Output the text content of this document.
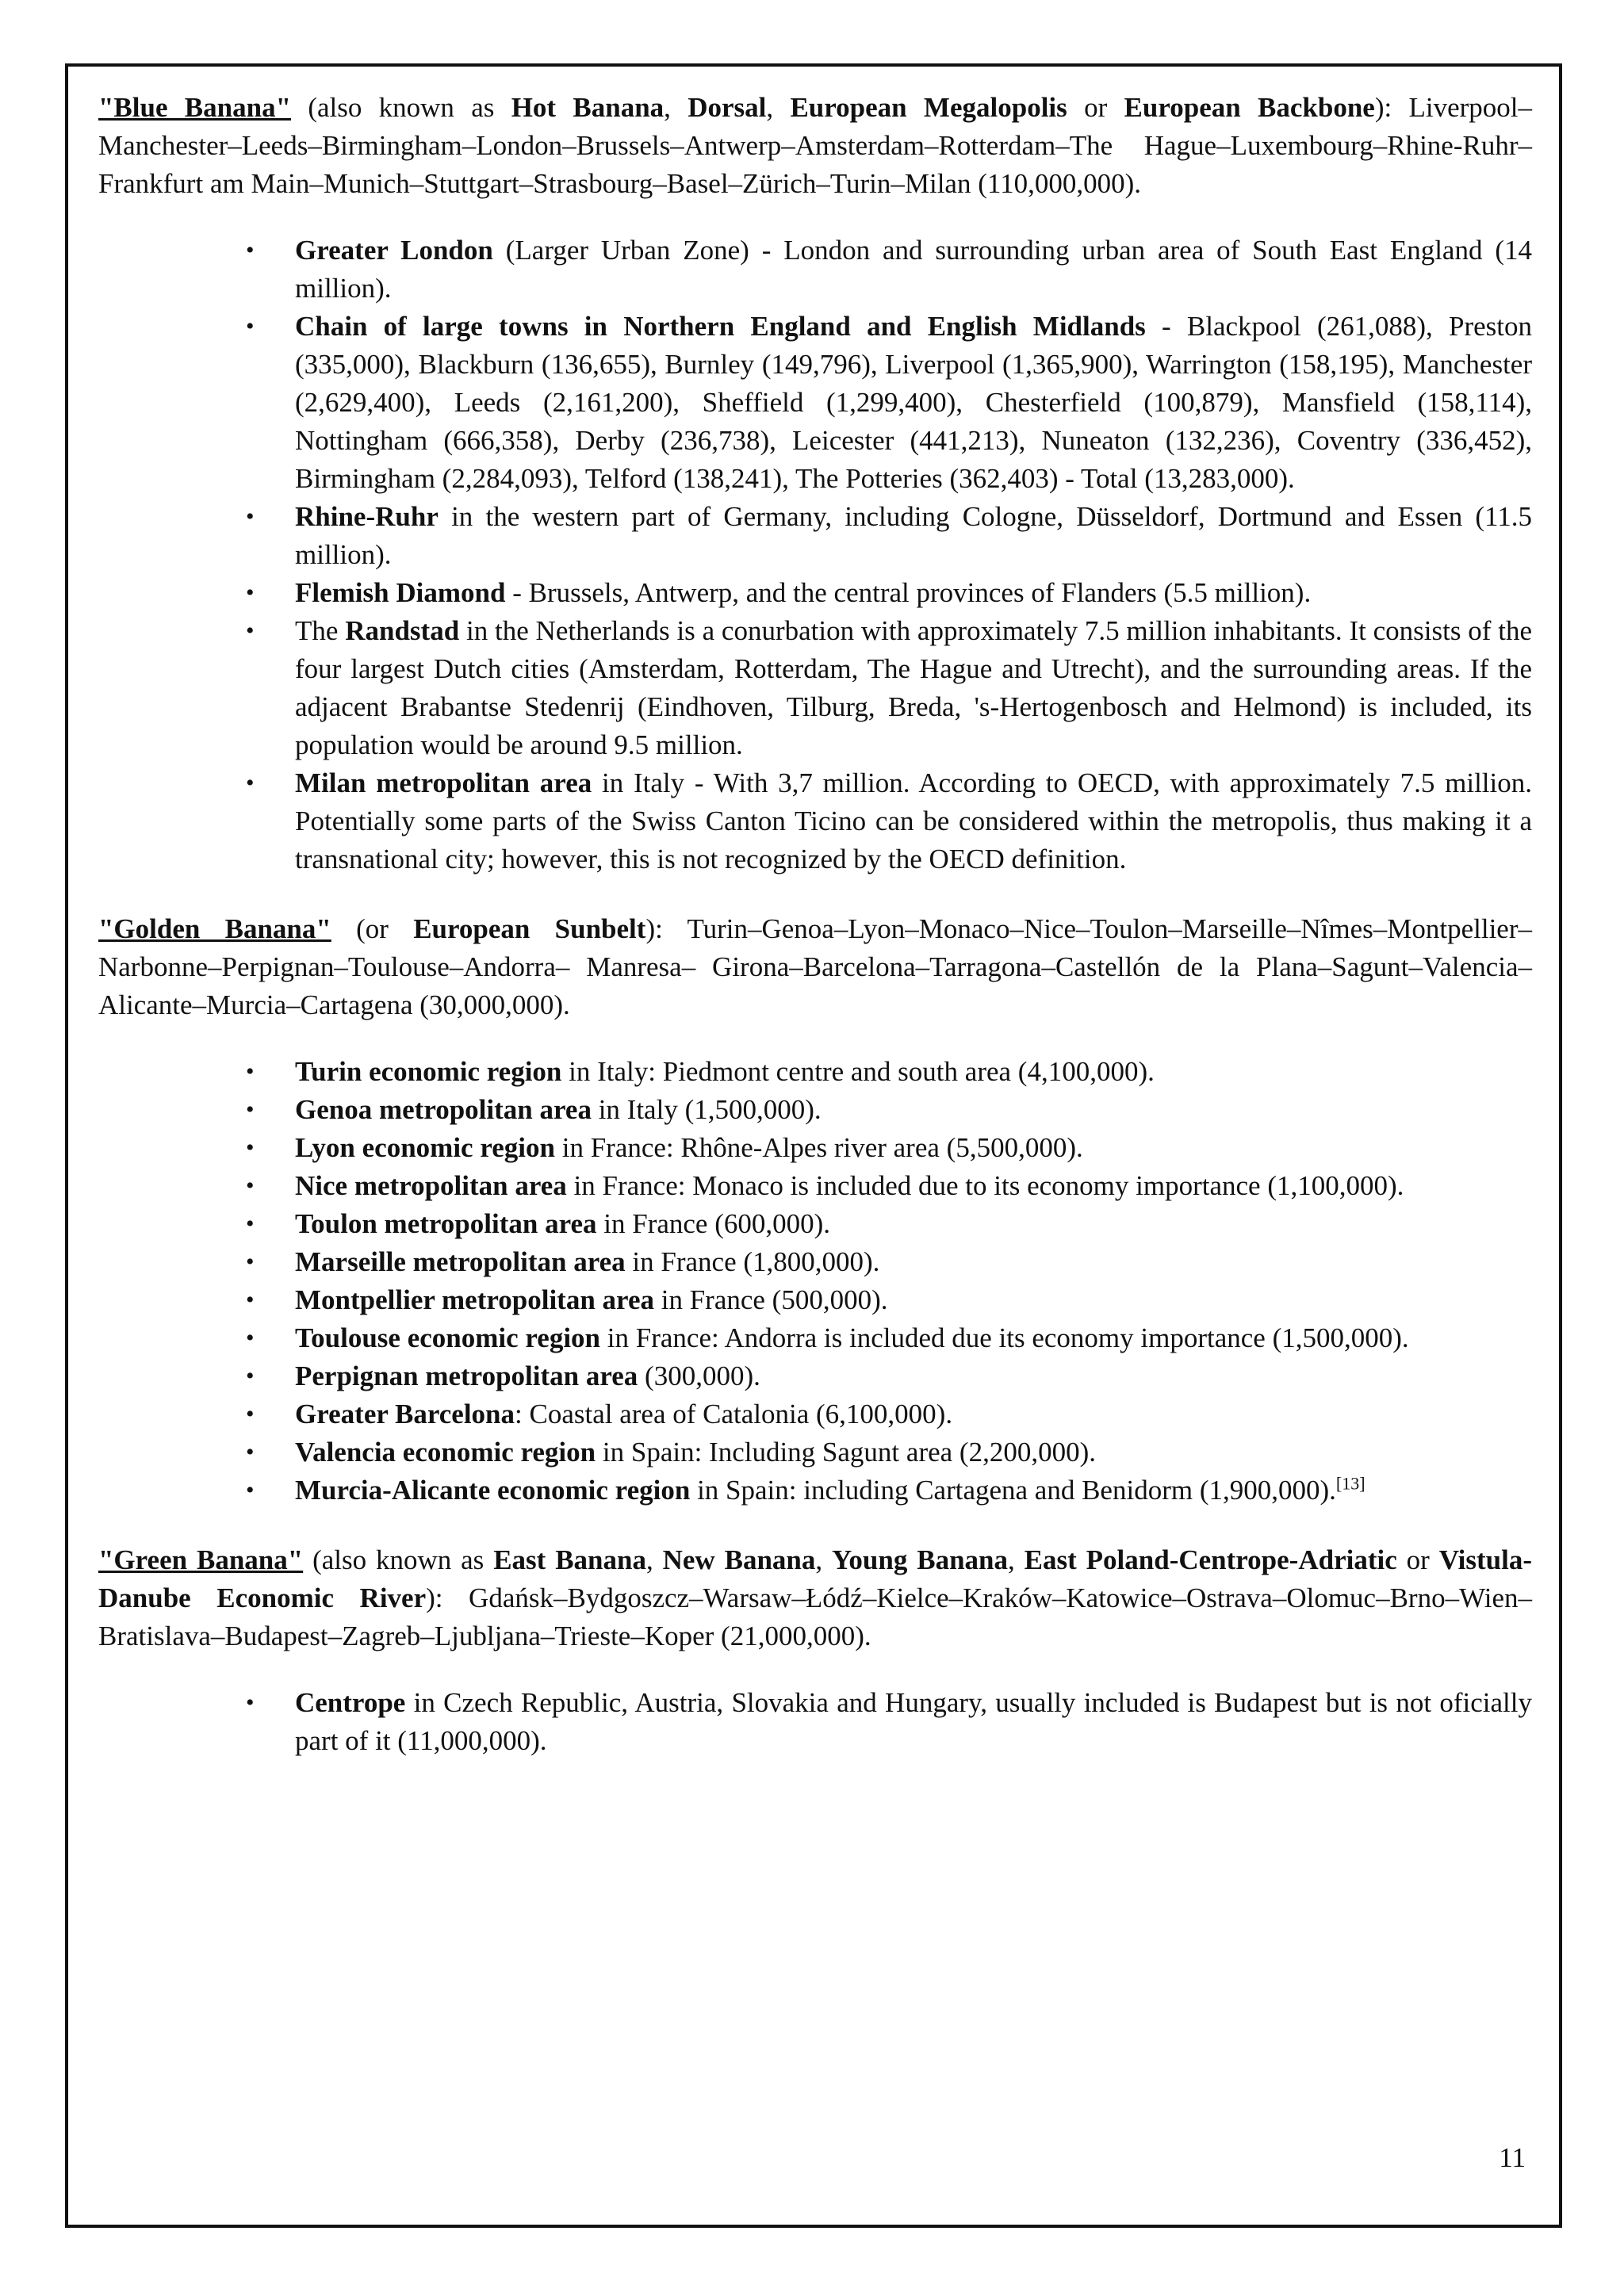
"Blue Banana" (also known as Hot Banana, Dorsal, European Megalopolis or European Backbone): Liverpool–Manchester–Leeds–Birmingham–London–Brussels–Antwerp–Amsterdam–Rotterdam–The Hague–Luxembourg–Rhine-Ruhr–Frankfurt am Main–Munich–Stuttgart–Strasbourg–Basel–Zürich–Turin–Milan (110,000,000).

• Greater London (Larger Urban Zone) - London and surrounding urban area of South East England (14 million).
• Chain of large towns in Northern England and English Midlands - Blackpool (261,088), Preston (335,000), Blackburn (136,655), Burnley (149,796), Liverpool (1,365,900), Warrington (158,195), Manchester (2,629,400), Leeds (2,161,200), Sheffield (1,299,400), Chesterfield (100,879), Mansfield (158,114), Nottingham (666,358), Derby (236,738), Leicester (441,213), Nuneaton (132,236), Coventry (336,452), Birmingham (2,284,093), Telford (138,241), The Potteries (362,403) - Total (13,283,000).
• Rhine-Ruhr in the western part of Germany, including Cologne, Düsseldorf, Dortmund and Essen (11.5 million).
• Flemish Diamond - Brussels, Antwerp, and the central provinces of Flanders (5.5 million).
• The Randstad in the Netherlands is a conurbation with approximately 7.5 million inhabitants. It consists of the four largest Dutch cities (Amsterdam, Rotterdam, The Hague and Utrecht), and the surrounding areas. If the adjacent Brabantse Stedenrij (Eindhoven, Tilburg, Breda, 's-Hertogenbosch and Helmond) is included, its population would be around 9.5 million.
• Milan metropolitan area in Italy - With 3,7 million. According to OECD, with approximately 7.5 million. Potentially some parts of the Swiss Canton Ticino can be considered within the metropolis, thus making it a transnational city; however, this is not recognized by the OECD definition.

"Golden Banana" (or European Sunbelt): Turin–Genoa–Lyon–Monaco–Nice–Toulon–Marseille–Nîmes–Montpellier–Narbonne–Perpignan–Toulouse–Andorra– Manresa– Girona–Barcelona–Tarragona–Castellón de la Plana–Sagunt–Valencia–Alicante–Murcia–Cartagena (30,000,000).

• Turin economic region in Italy: Piedmont centre and south area (4,100,000).
• Genoa metropolitan area in Italy (1,500,000).
• Lyon economic region in France: Rhône-Alpes river area (5,500,000).
• Nice metropolitan area in France: Monaco is included due to its economy importance (1,100,000).
• Toulon metropolitan area in France (600,000).
• Marseille metropolitan area in France (1,800,000).
• Montpellier metropolitan area in France (500,000).
• Toulouse economic region in France: Andorra is included due its economy importance (1,500,000).
• Perpignan metropolitan area (300,000).
• Greater Barcelona: Coastal area of Catalonia (6,100,000).
• Valencia economic region in Spain: Including Sagunt area (2,200,000).
• Murcia-Alicante economic region in Spain: including Cartagena and Benidorm (1,900,000).[13]

"Green Banana" (also known as East Banana, New Banana, Young Banana, East Poland-Centrope-Adriatic or Vistula-Danube Economic River): Gdańsk–Bydgoszcz–Warsaw–Łódź–Kielce–Kraków–Katowice–Ostrava–Olomuc–Brno–Wien–Bratislava–Budapest–Zagreb–Ljubljana–Trieste–Koper (21,000,000).

• Centrope in Czech Republic, Austria, Slovakia and Hungary, usually included is Budapest but is not oficially part of it (11,000,000).
11
